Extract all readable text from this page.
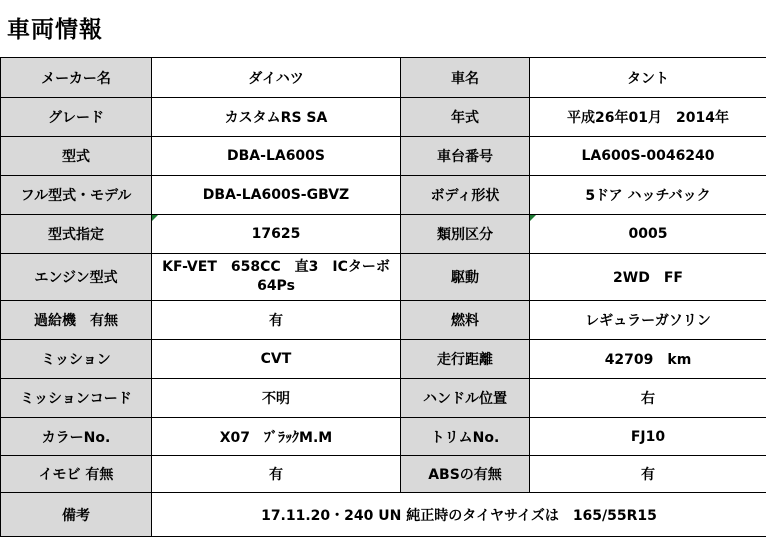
車両情報
メーカー名	ダイハツ	車名	タント
グレード	カスタムRS SA	年式	平成26年01月　2014年
型式	DBA-LA600S	車台番号	LA600S-0046240
フル型式・モデル	DBA-LA600S-GBVZ	ボディ形状	5ドア ハッチバック
型式指定	17625	類別区分	0005
エンジン型式	KF-VET　658CC　直3　ICターボ 64Ps	駆動	2WD　FF
過給機　有無	有	燃料	レギュラーガソリン
ミッション	CVT	走行距離	42709　km
ミッションコード	不明	ハンドル位置	右
カラーNo.	X07　ﾌﾞﾗｯｸM.M	トリムNo.	FJ10
イモビ 有無	有	ABSの有無	有
備考	17.11.20・240 UN 純正時のタイヤサイズは　165/55R15		
